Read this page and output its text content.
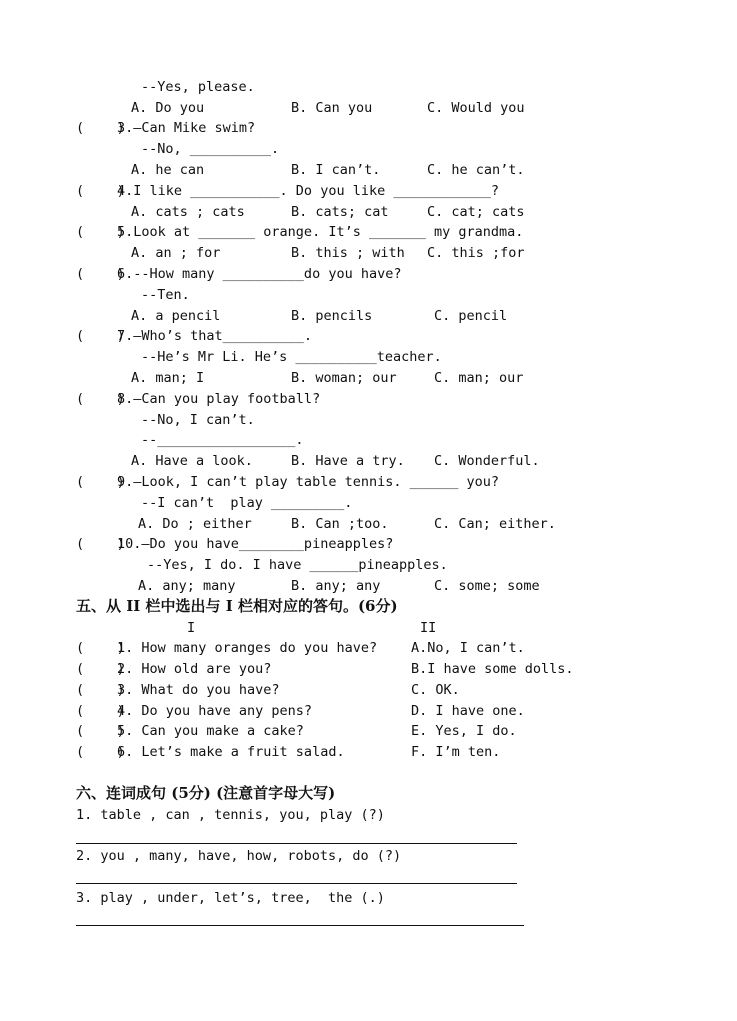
--Yes, please.
A. Do you	B. Can you	C. Would you
(    )
3.—Can Mike swim?
--No, __________.
A. he can	B. I can’t.	C. he can’t.
(    )
4.I like ___________. Do you like ____________?
A. cats ; cats	B. cats; cat	C. cat; cats
(    )
5.Look at _______ orange. It’s _______ my grandma.
A. an ; for	B. this ; with C. this ;for
(    )
6.--How many __________do you have?
--Ten.
A. a pencil	B. pencils	C. pencil
(    )
7.—Who’s that__________.
--He’s Mr Li. He’s __________teacher.
A. man; I	B. woman; our	C. man; our
(    )
8.—Can you play football?
--No, I can’t.
--_________________.
A. Have a look.	B. Have a try. C. Wonderful.
(    )
9.—Look, I can’t play table tennis. ______ you?
--I can’t  play _________.
A. Do ; either	B. Can ;too.	C. Can; either.
(    )
10.—Do you have________pineapples?
--Yes, I do. I have ______pineapples.
A. any; many	B. any; any	C. some; some
五、从 II 栏中选出与 I 栏相对应的答句。(6分)
I	II
(    )
1. How many oranges do you have?	A.No, I can’t.
(    )
2. How old are you?	B.I have some dolls.
(    )
3. What do you have?	C. OK.
(    )
4. Do you have any pens?	D. I have one.
(    )
5. Can you make a cake?	E. Yes, I do.
(    )
6. Let’s make a fruit salad.	F. I’m ten.
六、连词成句 (5分) (注意首字母大写)
1. table , can , tennis, you, play (?)
2. you , many, have, how, robots, do (?)
3. play , under, let’s, tree,  the (.)
